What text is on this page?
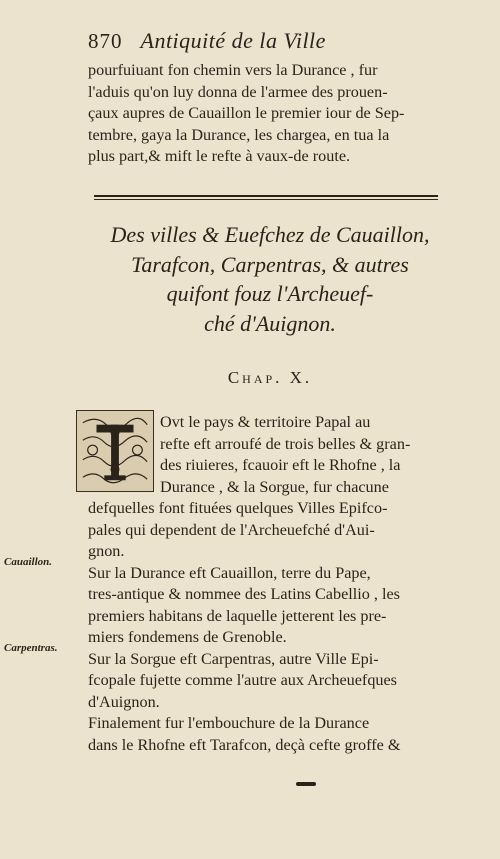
870 Antiquité de la Ville

pourfuiuant fon chemin vers la Durance , fur

l'aduis qu'on luy donna de l'armee des prouen-

çaux aupres de Cauaillon le premier iour de Sep-

tembre, gaya la Durance, les chargea, en tua la

plus part,& mift le refte à vaux-de route.

Des villes & Euefchez de Cauaillon,
Tarafcon, Carpentras, & autres
quifont fouz l'Archeuef-
ché d'Auignon.
Chap. X.

Ovt le pays & territoire Papal au

refte eft arroufé de trois belles & gran-

des riuieres, fcauoir eft le Rhofne , la

Durance , & la Sorgue, fur chacune

defquelles font fituées quelques Villes Epifco-

pales qui dependent de l'Archeuefché d'Aui-

gnon.

Sur la Durance eft Cauaillon, terre du Pape,

tres-antique & nommee des Latins Cabellio , les

premiers habitans de laquelle jetterent les pre-

miers fondemens de Grenoble.

Sur la Sorgue eft Carpentras, autre Ville Epi-

fcopale fujette comme l'autre aux Archeuefques

d'Auignon.

Finalement fur l'embouchure de la Durance

dans le Rhofne eft Tarafcon, deçà cefte groffe &

Cauaillon.
Carpentras.
